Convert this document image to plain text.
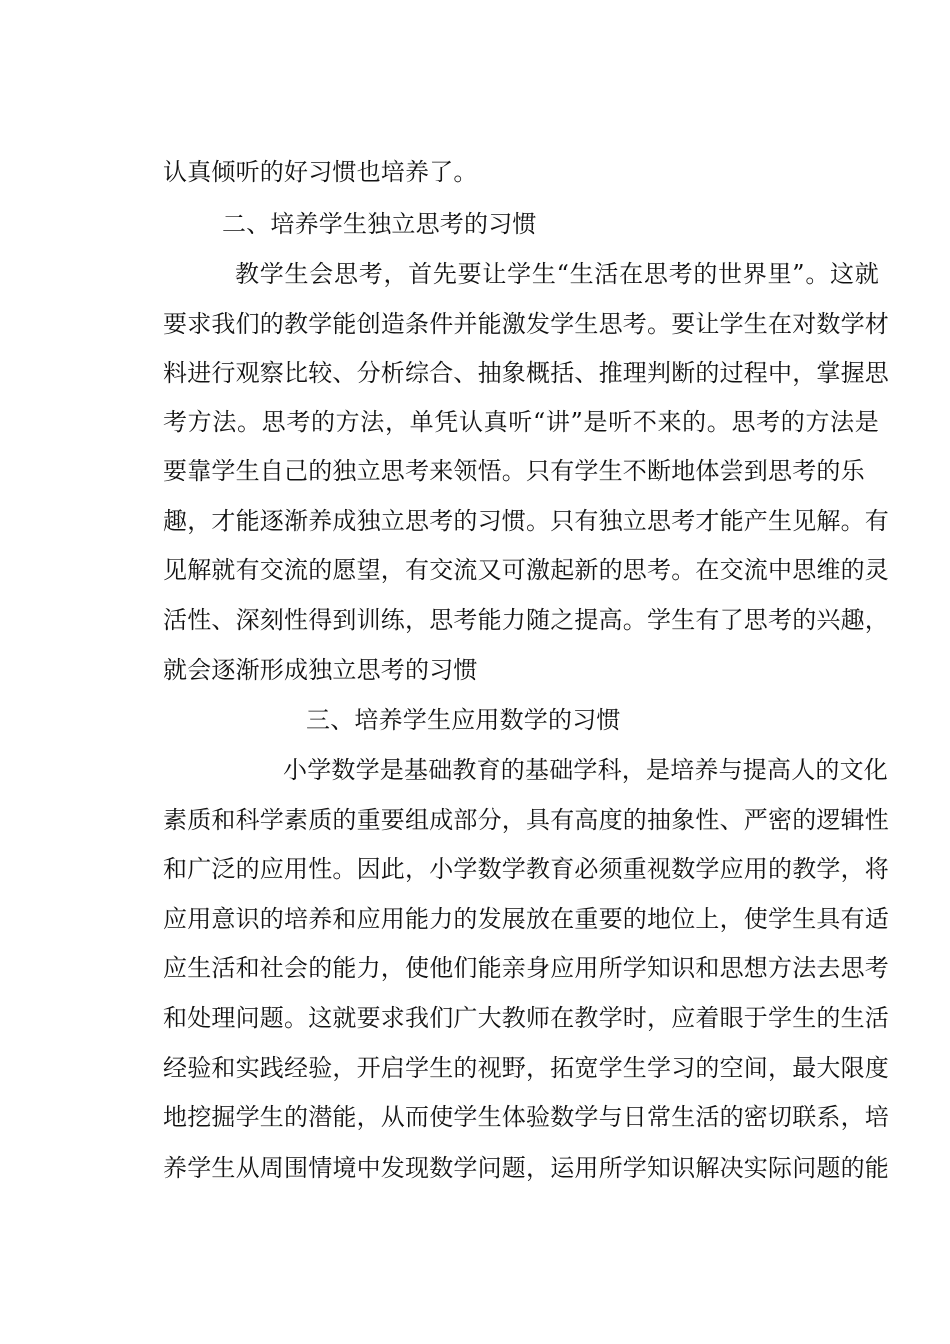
认真倾听的好习惯也培养了。
二、培养学生独立思考的习惯
教学生会思考，首先要让学生“生活在思考的世界里”。这就
要求我们的教学能创造条件并能激发学生思考。要让学生在对数学材
料进行观察比较、分析综合、抽象概括、推理判断的过程中，掌握思
考方法。思考的方法，单凭认真听“讲”是听不来的。思考的方法是
要靠学生自己的独立思考来领悟。只有学生不断地体尝到思考的乐
趣，才能逐渐养成独立思考的习惯。只有独立思考才能产生见解。有
见解就有交流的愿望，有交流又可激起新的思考。在交流中思维的灵
活性、深刻性得到训练，思考能力随之提高。学生有了思考的兴趣，
就会逐渐形成独立思考的习惯
三、培养学生应用数学的习惯
小学数学是基础教育的基础学科，是培养与提高人的文化
素质和科学素质的重要组成部分，具有高度的抽象性、严密的逻辑性
和广泛的应用性。因此，小学数学教育必须重视数学应用的教学，将
应用意识的培养和应用能力的发展放在重要的地位上，使学生具有适
应生活和社会的能力，使他们能亲身应用所学知识和思想方法去思考
和处理问题。这就要求我们广大教师在教学时，应着眼于学生的生活
经验和实践经验，开启学生的视野，拓宽学生学习的空间，最大限度
地挖掘学生的潜能，从而使学生体验数学与日常生活的密切联系，培
养学生从周围情境中发现数学问题，运用所学知识解决实际问题的能
